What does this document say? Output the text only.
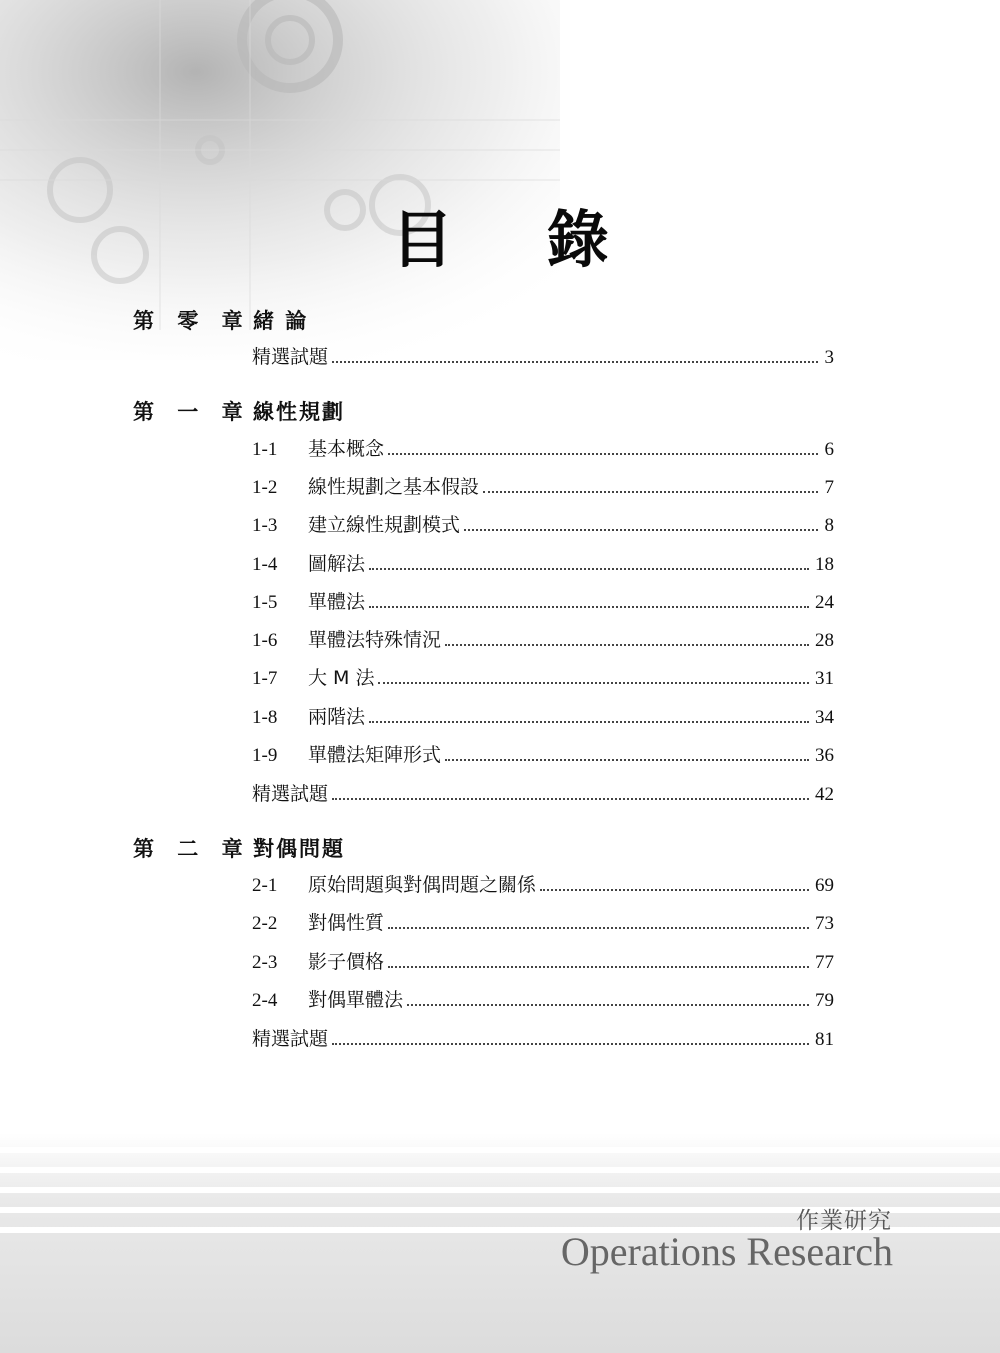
目 錄
第 零 章 緒 論
精選試題	3
第 一 章 線性規劃
1-1	基本概念	6
1-2	線性規劃之基本假設	7
1-3	建立線性規劃模式	8
1-4	圖解法	18
1-5	單體法	24
1-6	單體法特殊情況	28
1-7	大 M 法	31
1-8	兩階法	34
1-9	單體法矩陣形式	36
精選試題	42
第 二 章 對偶問題
2-1	原始問題與對偶問題之關係	69
2-2	對偶性質	73
2-3	影子價格	77
2-4	對偶單體法	79
精選試題	81
作業研究
Operations Research
